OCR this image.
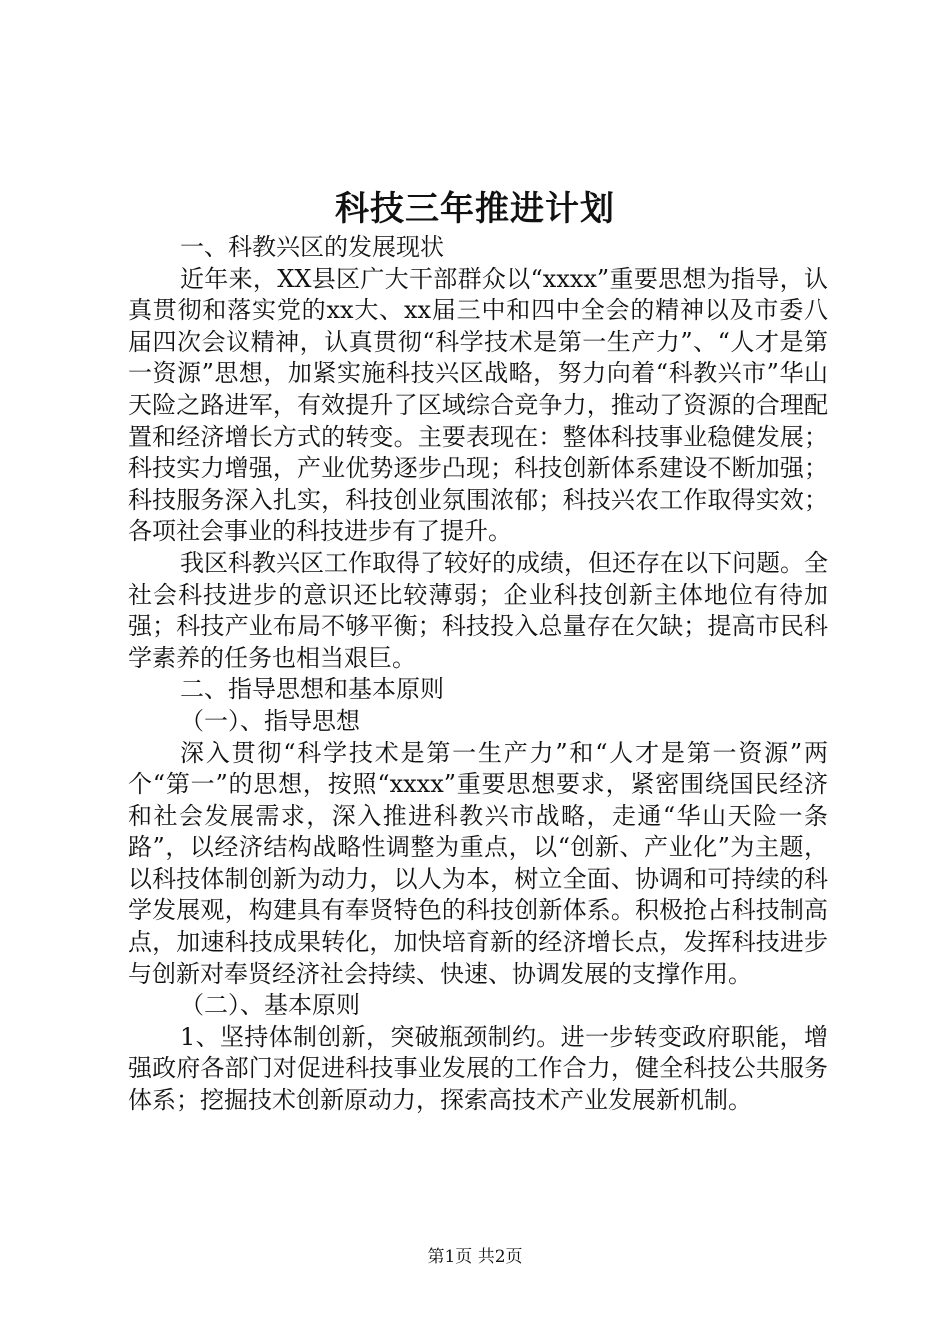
科技三年推进计划

一、科教兴区的发展现状

近年来，XX县区广大干部群众以“xxxx”重要思想为指导，认真贯彻和落实党的xx大、xx届三中和四中全会的精神以及市委八届四次会议精神，认真贯彻“科学技术是第一生产力”、“人才是第一资源”思想，加紧实施科技兴区战略，努力向着“科教兴市”华山天险之路进军，有效提升了区域综合竞争力，推动了资源的合理配置和经济增长方式的转变。主要表现在：整体科技事业稳健发展；科技实力增强，产业优势逐步凸现；科技创新体系建设不断加强；科技服务深入扎实，科技创业氛围浓郁；科技兴农工作取得实效；各项社会事业的科技进步有了提升。

我区科教兴区工作取得了较好的成绩，但还存在以下问题。全社会科技进步的意识还比较薄弱；企业科技创新主体地位有待加强；科技产业布局不够平衡；科技投入总量存在欠缺；提高市民科学素养的任务也相当艰巨。

二、指导思想和基本原则

（一）、指导思想

深入贯彻“科学技术是第一生产力”和“人才是第一资源”两个“第一”的思想，按照“xxxx”重要思想要求，紧密围绕国民经济和社会发展需求，深入推进科教兴市战略，走通“华山天险一条路”，以经济结构战略性调整为重点，以“创新、产业化”为主题，以科技体制创新为动力，以人为本，树立全面、协调和可持续的科学发展观，构建具有奉贤特色的科技创新体系。积极抢占科技制高点，加速科技成果转化，加快培育新的经济增长点，发挥科技进步与创新对奉贤经济社会持续、快速、协调发展的支撑作用。

（二）、基本原则

1、坚持体制创新，突破瓶颈制约。进一步转变政府职能，增强政府各部门对促进科技事业发展的工作合力，健全科技公共服务体系；挖掘技术创新原动力，探索高技术产业发展新机制。

第1页 共2页
